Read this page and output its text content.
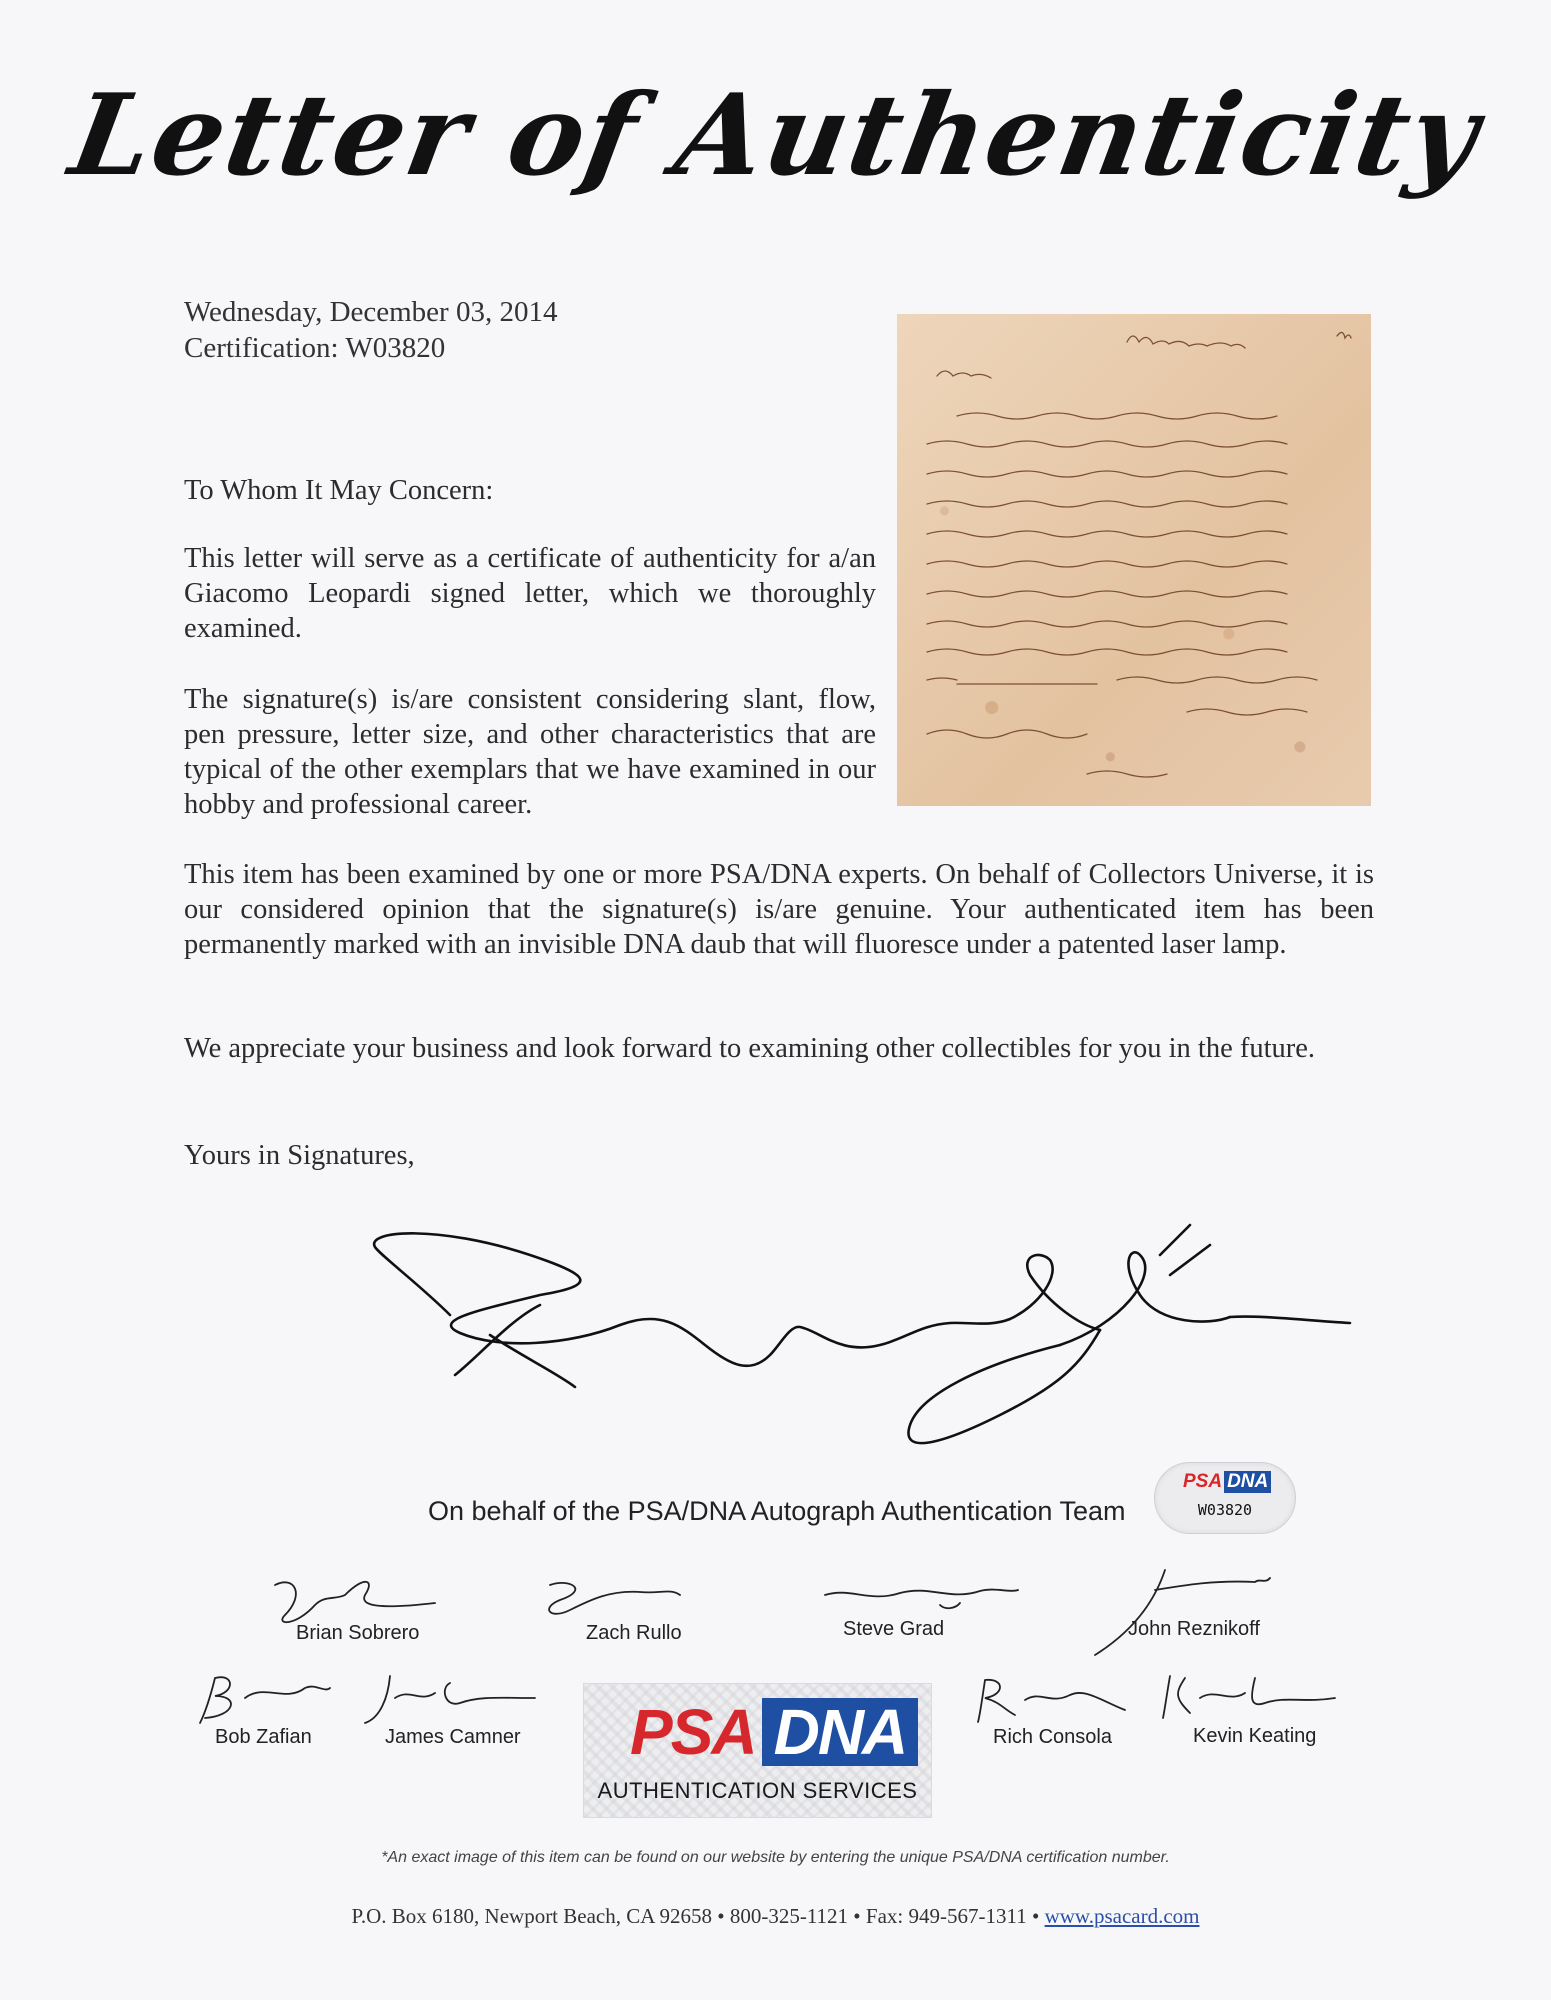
Letter of Authenticity
Wednesday, December 03, 2014
Certification: W03820
To Whom It May Concern:

This letter will serve as a certificate of authenticity for a/an Giacomo Leopardi signed letter, which we thoroughly examined.

The signature(s) is/are consistent considering slant, flow, pen pressure, letter size, and other characteristics that are typical of the other exemplars that we have examined in our hobby and professional career.

This item has been examined by one or more PSA/DNA experts. On behalf of Collectors Universe, it is our considered opinion that the signature(s) is/are genuine. Your authenticated item has been permanently marked with an invisible DNA daub that will fluoresce under a patented laser lamp.

We appreciate your business and look forward to examining other collectibles for you in the future.

Yours in Signatures,
On behalf of the PSA/DNA Autograph Authentication Team
PSA DNA
W03820
Brian Sobrero	Zach Rullo	Steve Grad	John Reznikoff
Bob Zafian	James Camner	Rich Consola	Kevin Keating
PSA DNA
AUTHENTICATION SERVICES
*An exact image of this item can be found on our website by entering the unique PSA/DNA certification number.
P.O. Box 6180, Newport Beach, CA 92658 • 800-325-1121 • Fax: 949-567-1311 • www.psacard.com
